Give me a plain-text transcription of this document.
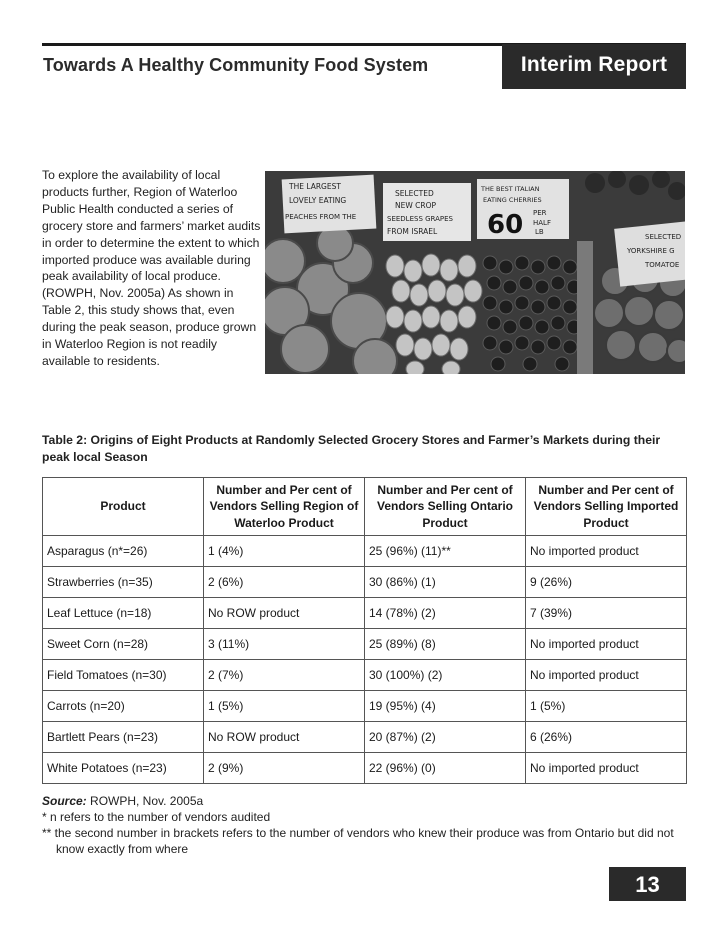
Towards A Healthy Community Food System	Interim Report
To explore the availability of local products further, Region of Waterloo Public Health conducted a series of grocery store and farmers’ market audits in order to determine the extent to which imported produce was available during peak availability of local produce. (ROWPH, Nov. 2005a) As shown in Table 2, this study shows that, even during the peak season, produce grown in Waterloo Region is not readily available to residents.
THE LARGEST
LOVELY EATING
PEACHES FROM THE
SELECTED
NEW CROP
SEEDLESS GRAPES
FROM ISRAEL
THE BEST ITALIAN
EATING CHERRIES
60 PER
HALF
LB
SELECTED
YORKSHIRE G
TOMATOE
Table 2: Origins of Eight Products at Randomly Selected Grocery Stores and Farmer’s Markets during their peak local Season
Product	Number and Per cent of Vendors Selling Region of Waterloo Product	Number and Per cent of Vendors Selling Ontario Product	Number and Per cent of Vendors Selling Imported Product
Asparagus (n*=26)	1 (4%)	25 (96%) (11)**	No imported product
Strawberries (n=35)	2 (6%)	30 (86%) (1)	9 (26%)
Leaf Lettuce (n=18)	No ROW product	14 (78%) (2)	7 (39%)
Sweet Corn (n=28)	3 (11%)	25 (89%) (8)	No imported product
Field Tomatoes (n=30)	2 (7%)	30 (100%) (2)	No imported product
Carrots (n=20)	1 (5%)	19 (95%) (4)	1 (5%)
Bartlett Pears (n=23)	No ROW product	20 (87%) (2)	6 (26%)
White Potatoes (n=23)	2 (9%)	22 (96%) (0)	No imported product

Source: ROWPH, Nov. 2005a

* n refers to the number of vendors audited

** the second number in brackets refers to the number of vendors who knew their produce was from Ontario but did not

know exactly from where

13
